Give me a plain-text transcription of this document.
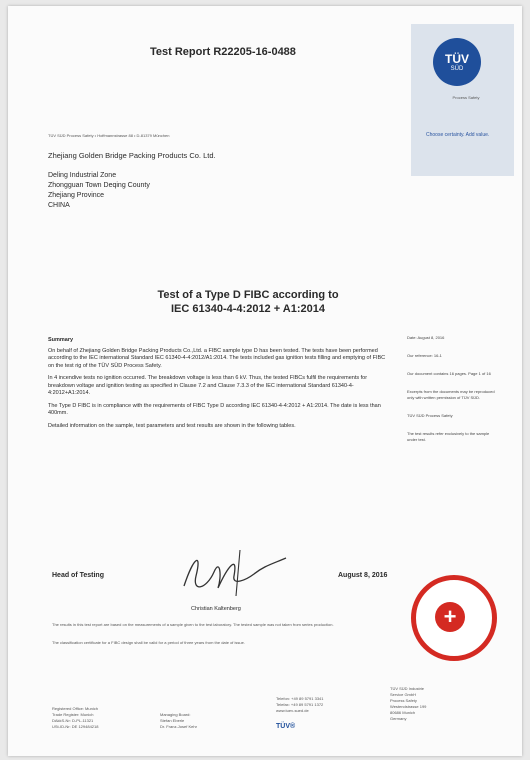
Test Report R22205-16-0488	TÜV
SÜD
Process Safety
Choose certainty. Add value.
TÜV SÜD Process Safety • Hoffmannstrasse 88 • D-81379 München
Zhejiang Golden Bridge Packing Products Co. Ltd.
Deling Industrial Zone
Zhongguan Town Deqing County
Zhejiang Province
CHINA
Test of a Type D FIBC according to
IEC 61340-4-4:2012 + A1:2014
Summary

On behalf of Zhejiang Golden Bridge Packing Products Co.,Ltd. a FIBC sample type D has been tested. The tests have been performed according to the IEC international Standard IEC 61340-4-4:2012/A1:2014. The tests included gas ignition tests filling and emptying of FIBC on the test rig of the TÜV SÜD Process Safety.

In 4 incendive tests no ignition occurred. The breakdown voltage is less than 6 kV. Thus, the tested FIBCs fulfil the requirements for breakdown voltage and ignition testing as specified in Clause 7.2 and Clause 7.3.3 of the IEC international Standard 61340-4-4:2012+A1:2014.

The Type D FIBC is in compliance with the requirements of FIBC Type D according IEC 61340-4-4:2012 + A1:2014. The date is less than 400mm.

Detailed information on the sample, test parameters and test results are shown in the following tables.

Date: August 8, 2016
Our reference: 16-1
Our document contains 16 pages. Page 1 of 16
Excerpts from the documents may be reproduced only with written permission of TÜV SÜD.
TÜV SÜD Process Safety
The test results refer exclusively to the sample under test.
Head of Testing	August 8, 2016
Christian Kaltenberg
The results in this test report are based on the measurements of a sample given to the test laboratory. The tested sample was not taken from series production.
The classification certificate for a FIBC design shall be valid for a period of three years from the date of issue.
+
Registered Office: Munich
Trade Register: Munich
DAkkS-Nr: D-PL-11321
USt-ID-Nr: DE 129484218
Managing Board:
Stefan Eberle
Dr. Franz-Josef Kehr
Telefon: +49 89 5791 3341
Telefax: +49 89 5791 1372
www.tuev-sued.de
TÜV®
TÜV SÜD Industrie
Service GmbH
Process Safety
Westendstrasse 199
80686 Munich
Germany
